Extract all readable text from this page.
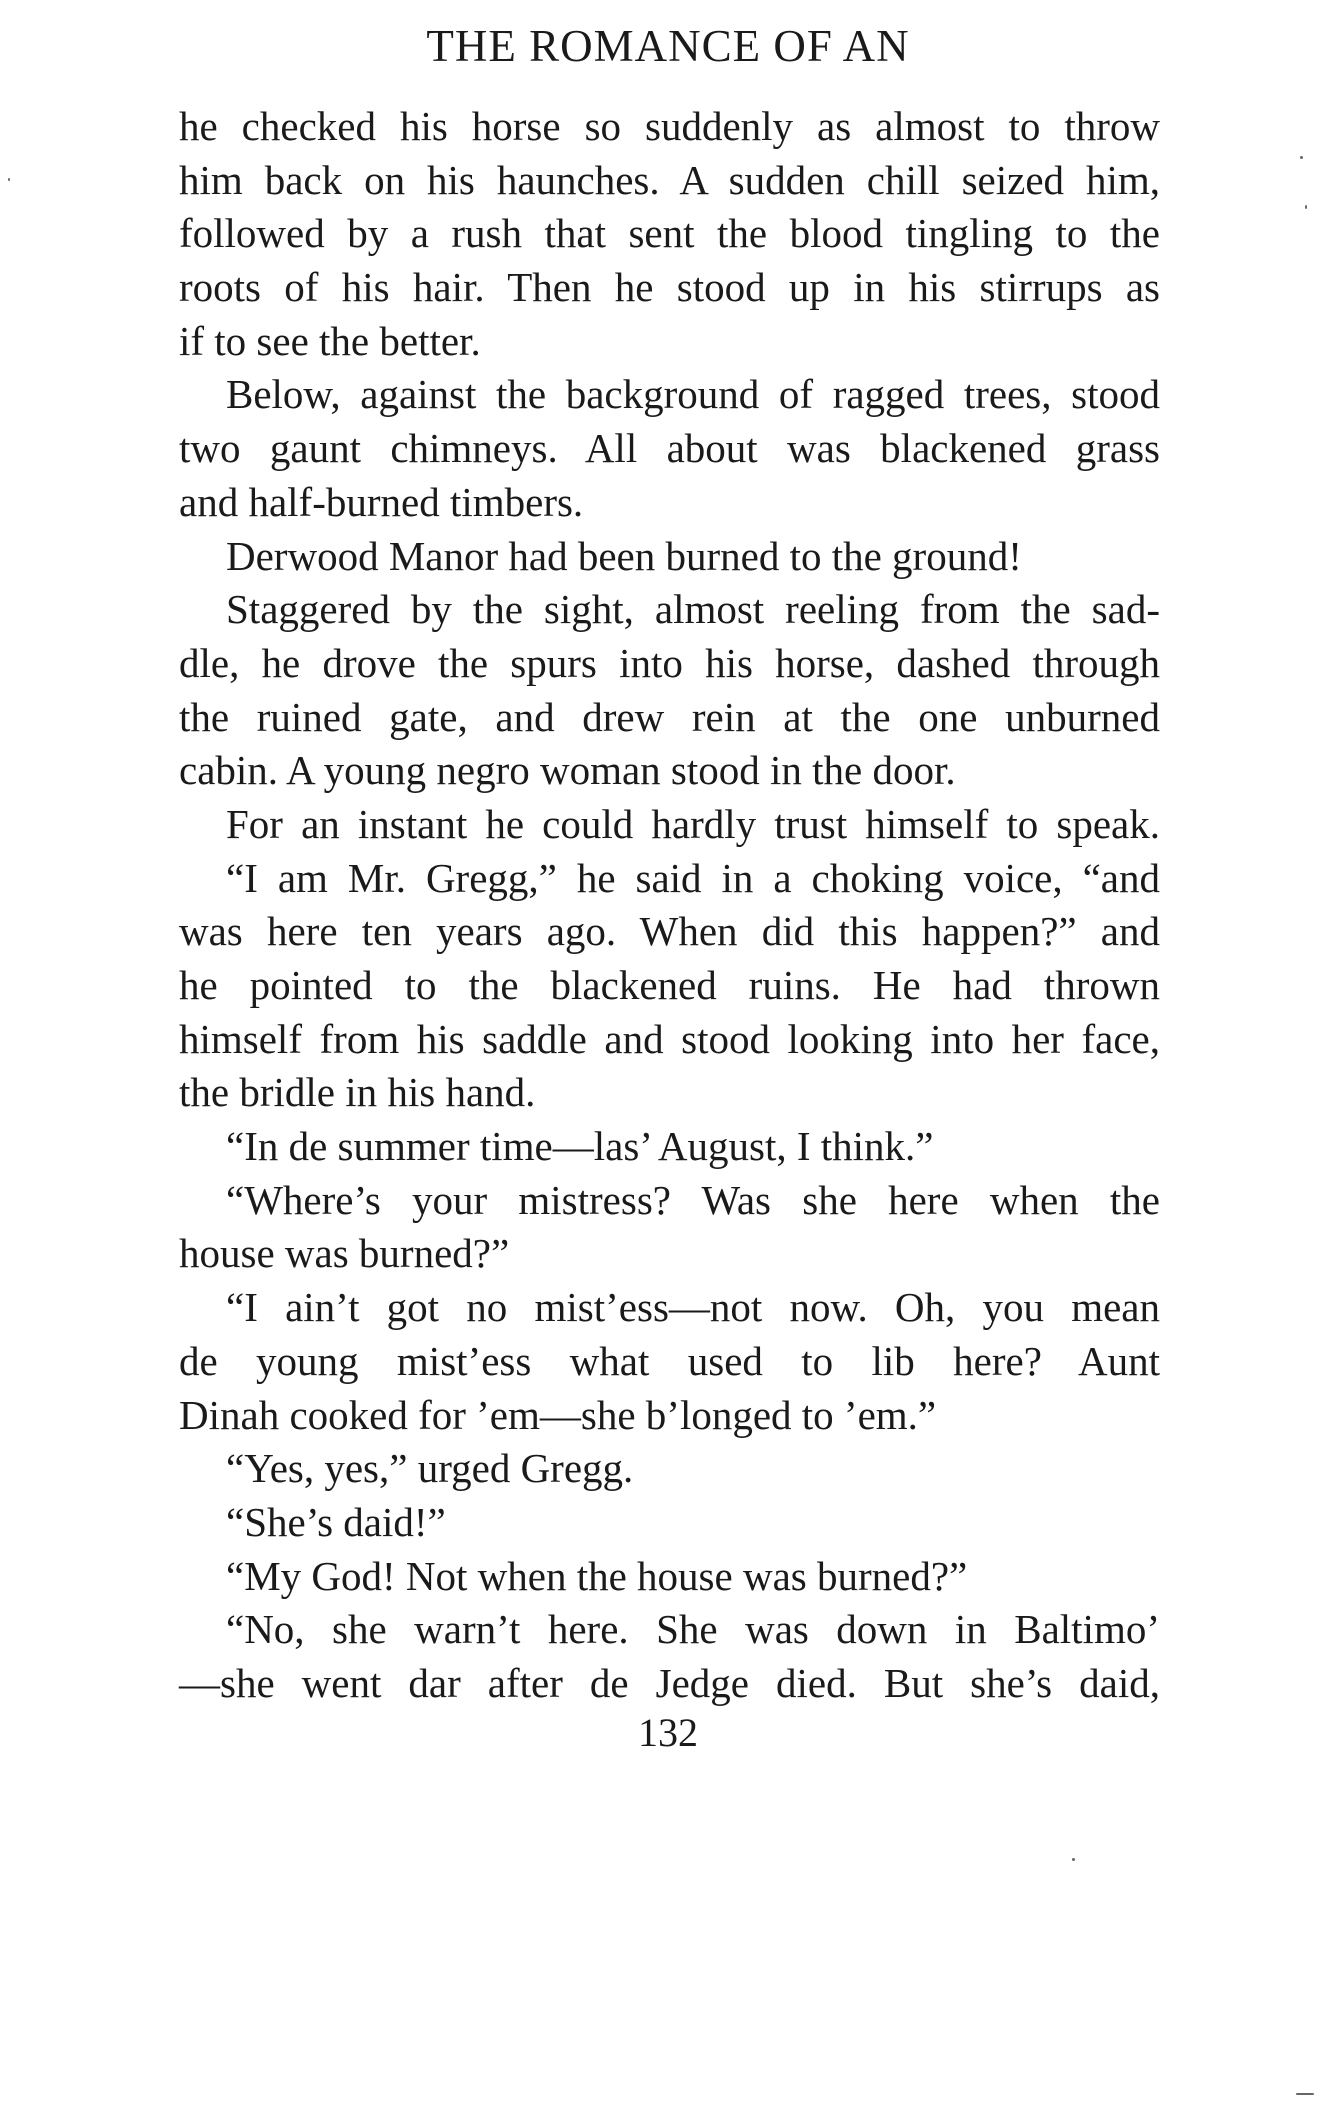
THE ROMANCE OF AN
he checked his horse so suddenly as almost to throw
him back on his haunches. A sudden chill seized him,
followed by a rush that sent the blood tingling to the
roots of his hair. Then he stood up in his stirrups as
if to see the better.
Below, against the background of ragged trees, stood
two gaunt chimneys. All about was blackened grass
and half-burned timbers.
Derwood Manor had been burned to the ground!
Staggered by the sight, almost reeling from the sad-
dle, he drove the spurs into his horse, dashed through
the ruined gate, and drew rein at the one unburned
cabin. A young negro woman stood in the door.
For an instant he could hardly trust himself to speak.
“I am Mr. Gregg,” he said in a choking voice, “and
was here ten years ago. When did this happen?” and
he pointed to the blackened ruins. He had thrown
himself from his saddle and stood looking into her face,
the bridle in his hand.
“In de summer time—las’ August, I think.”
“Where’s your mistress? Was she here when the
house was burned?”
“I ain’t got no mist’ess—not now. Oh, you mean
de young mist’ess what used to lib here? Aunt
Dinah cooked for ’em—she b’longed to ’em.”
“Yes, yes,” urged Gregg.
“She’s daid!”
“My God! Not when the house was burned?”
“No, she warn’t here. She was down in Baltimo’
—she went dar after de Jedge died. But she’s daid,
132
